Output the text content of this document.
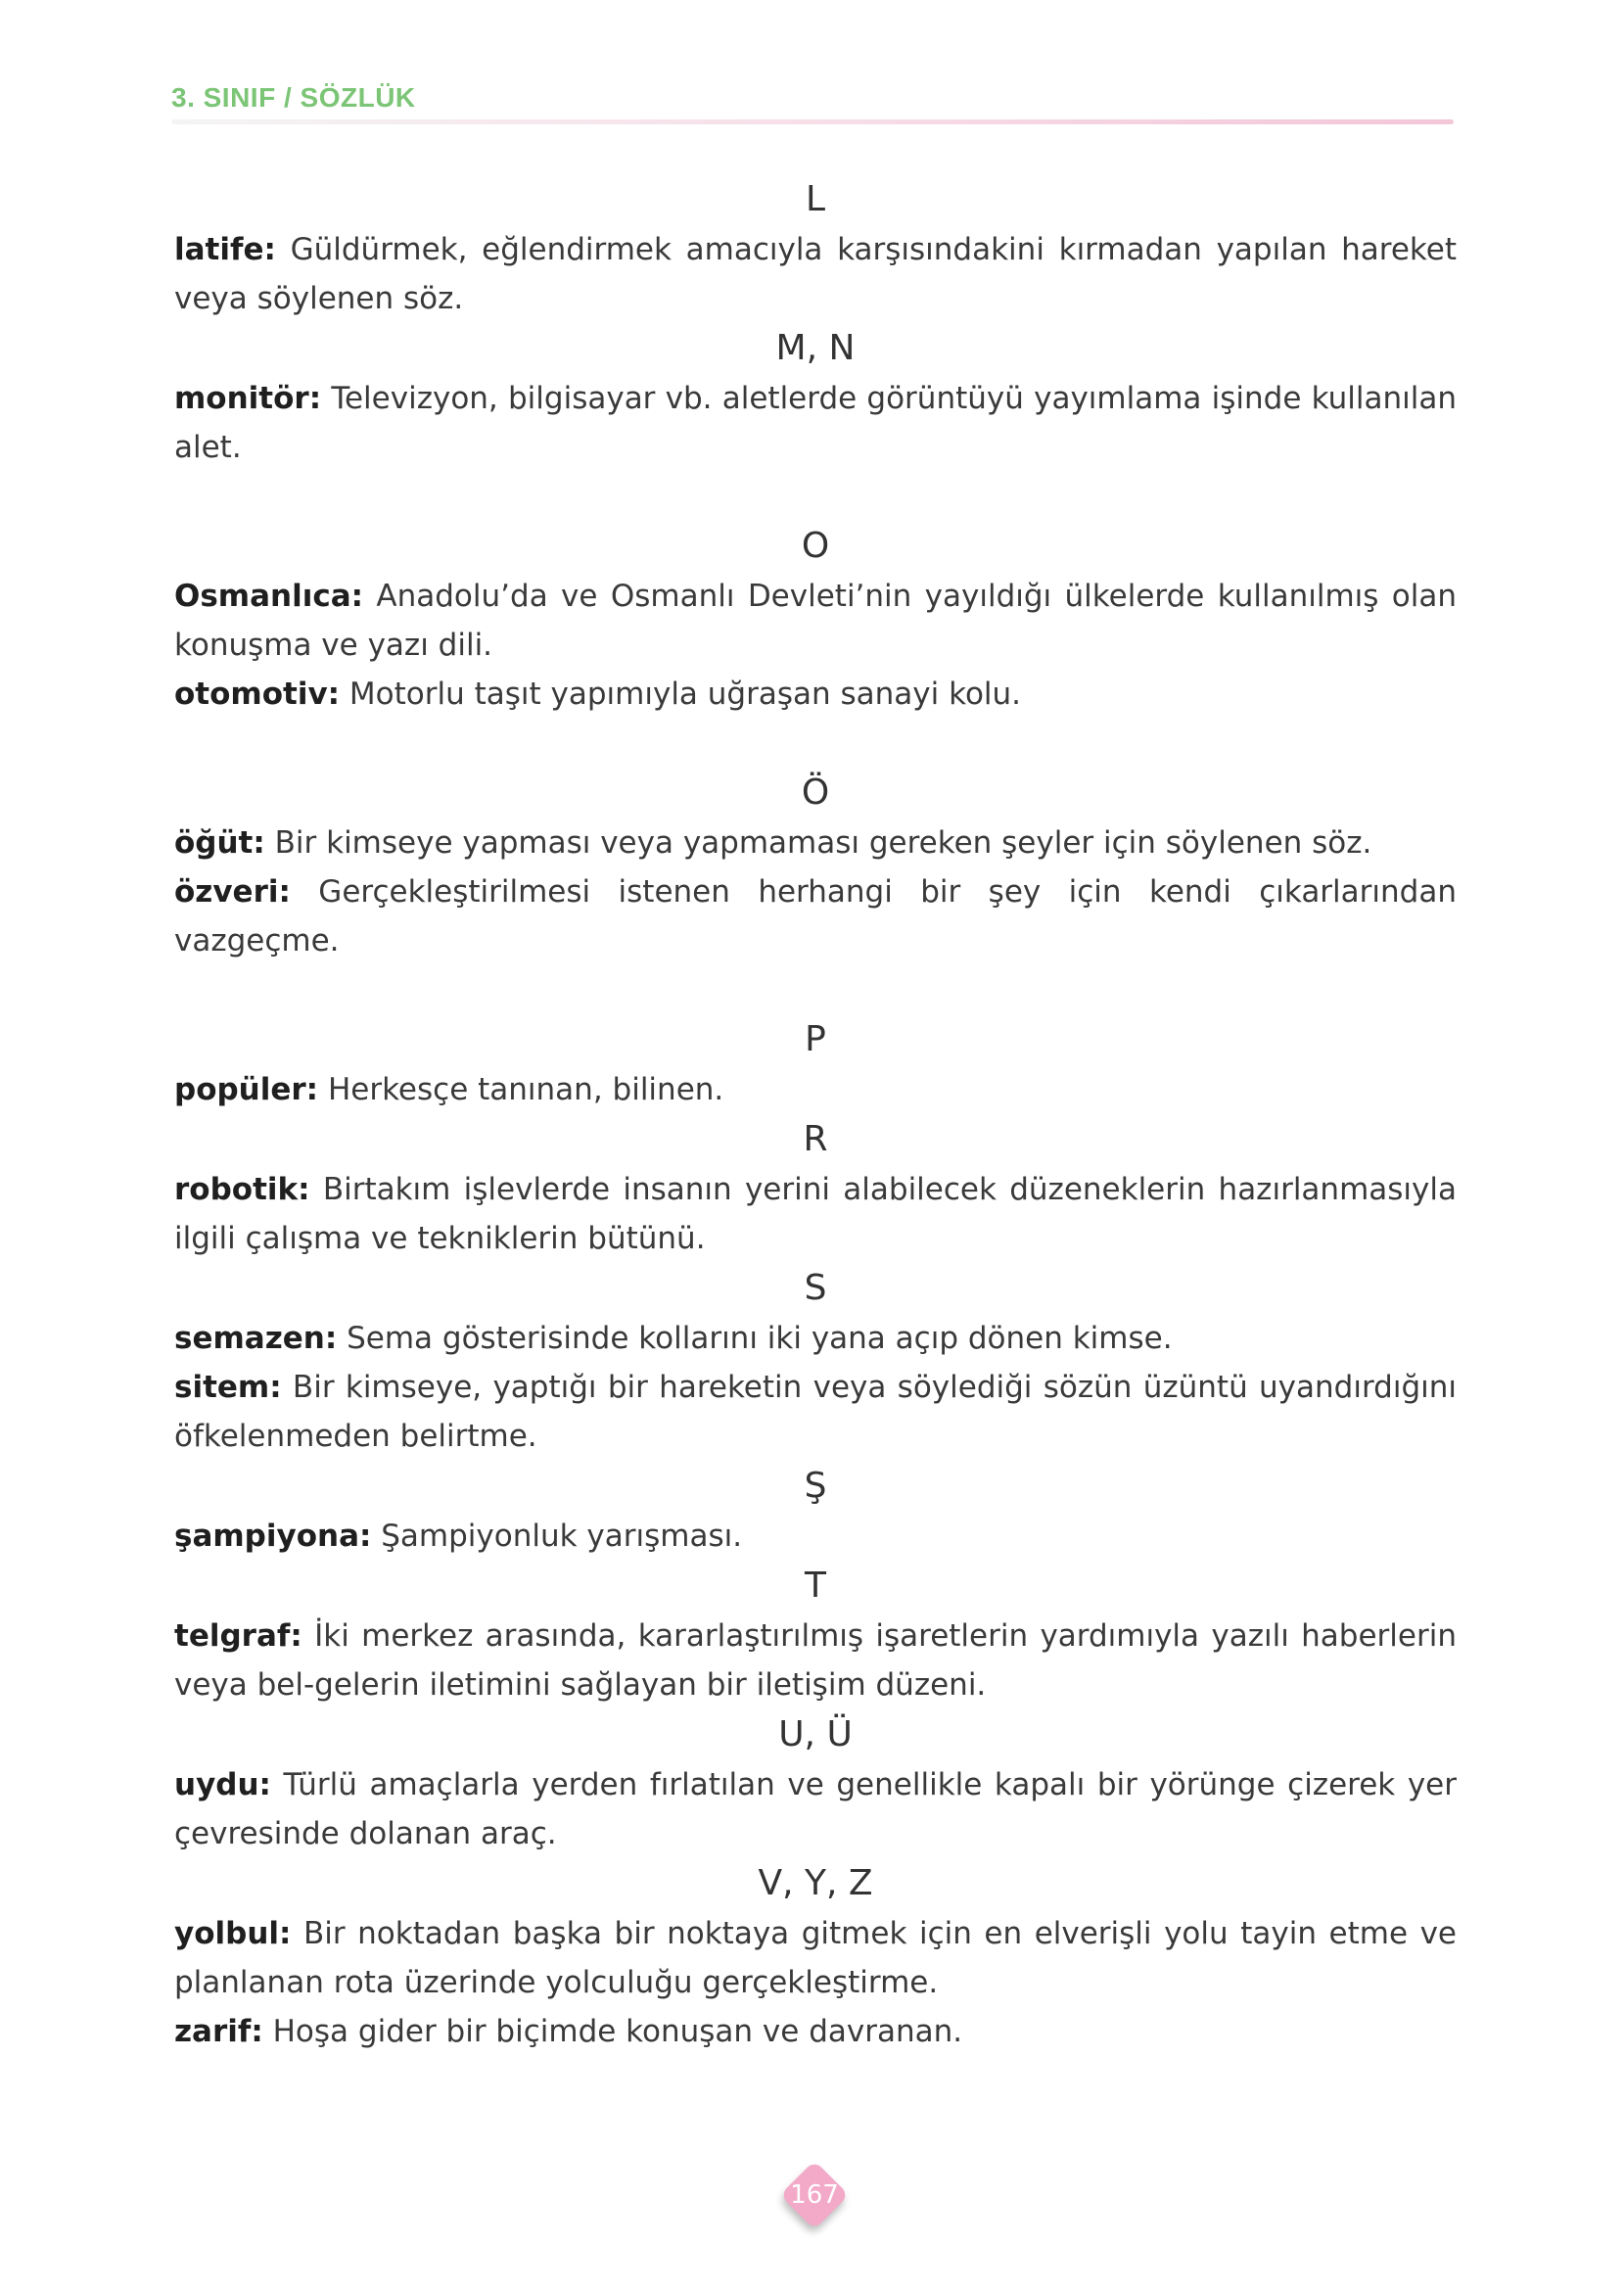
3. SINIF / SÖZLÜK

L

latife: Güldürmek, eğlendirmek amacıyla karşısındakini kırmadan yapılan hareket veya söylenen söz.

M, N

monitör: Televizyon, bilgisayar vb. aletlerde görüntüyü yayımlama işinde kullanılan alet.

O

Osmanlıca: Anadolu’da ve Osmanlı Devleti’nin yayıldığı ülkelerde kullanılmış olan konuşma ve yazı dili.

otomotiv: Motorlu taşıt yapımıyla uğraşan sanayi kolu.

Ö

öğüt: Bir kimseye yapması veya yapmaması gereken şeyler için söylenen söz.

özveri: Gerçekleştirilmesi istenen herhangi bir şey için kendi çıkarlarından vazgeçme.

P

popüler: Herkesçe tanınan, bilinen.

R

robotik: Birtakım işlevlerde insanın yerini alabilecek düzeneklerin hazırlanmasıyla ilgili çalışma ve tekniklerin bütünü.

S

semazen: Sema gösterisinde kollarını iki yana açıp dönen kimse.

sitem: Bir kimseye, yaptığı bir hareketin veya söylediği sözün üzüntü uyandırdığını öfkelenmeden belirtme.

Ş

şampiyona: Şampiyonluk yarışması.

T

telgraf: İki merkez arasında, kararlaştırılmış işaretlerin yardımıyla yazılı haberlerin veya bel-gelerin iletimini sağlayan bir iletişim düzeni.

U, Ü

uydu: Türlü amaçlarla yerden fırlatılan ve genellikle kapalı bir yörünge çizerek yer çevresinde dolanan araç.

V, Y, Z

yolbul: Bir noktadan başka bir noktaya gitmek için en elverişli yolu tayin etme ve planlanan rota üzerinde yolculuğu gerçekleştirme.

zarif: Hoşa gider bir biçimde konuşan ve davranan.

167
